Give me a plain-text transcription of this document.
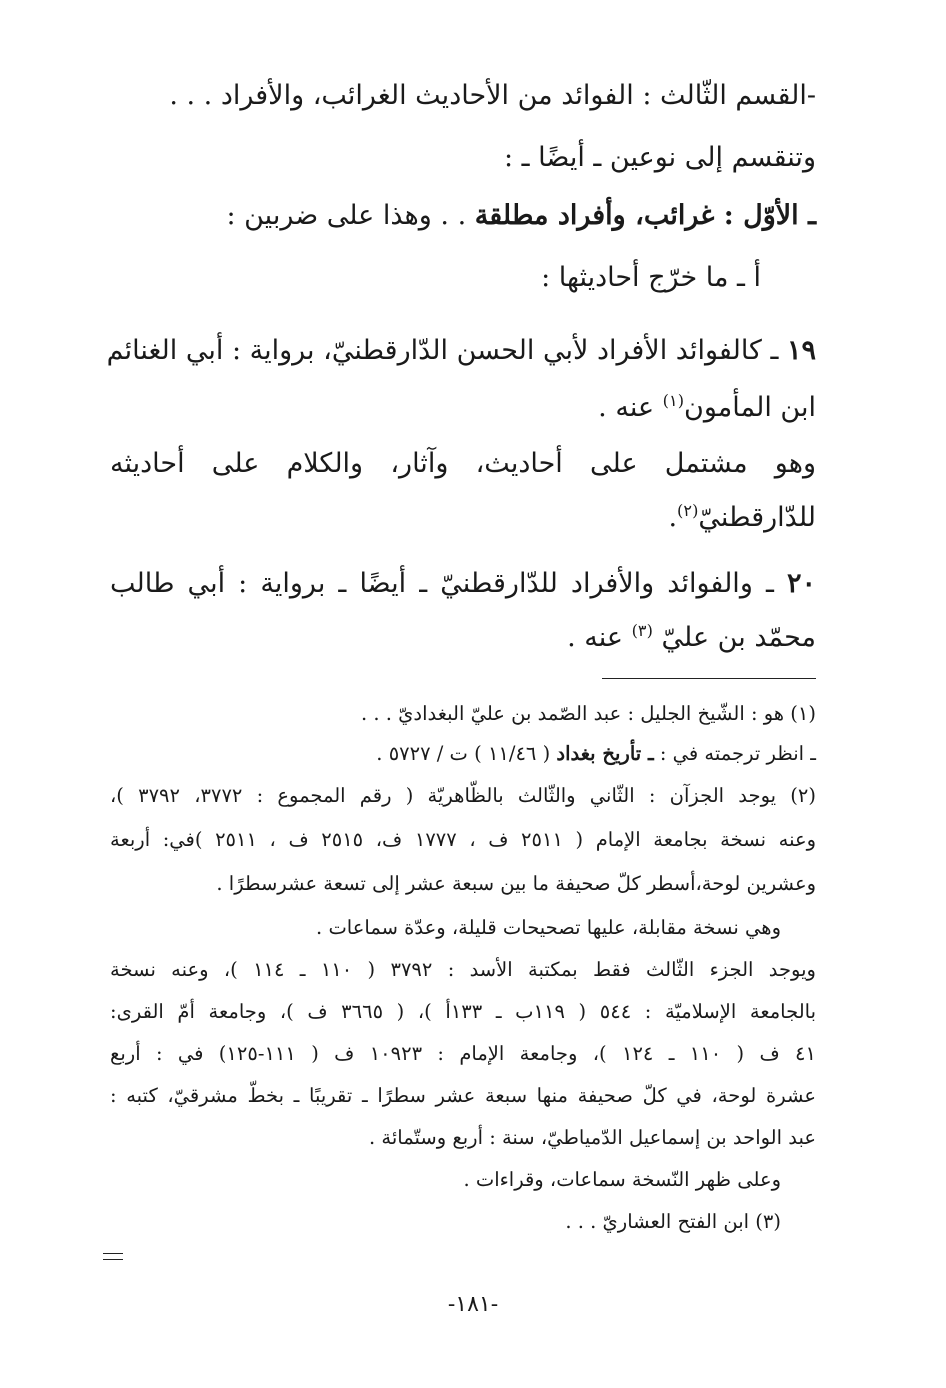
-القسم الثّالث : الفوائد من الأحاديث الغرائب، والأفراد . . .
وتنقسم إلى نوعين ـ أيضًا ـ :
ـ الأوّل : غرائب، وأفراد مطلقة . . وهذا على ضربين :
أ ـ ما خرّج أحاديثها :
١٩ ـ كالفوائد الأفراد لأبي الحسن الدّارقطنيّ، برواية : أبي الغنائم
ابن المأمون$^{(١)}$ عنه .
وهو مشتمل على أحاديث، وآثار، والكلام على أحاديثه
للدّارقطنيّ$^{(٢)}$.
٢٠ ـ والفوائد والأفراد للدّارقطنيّ ـ أيضًا ـ برواية : أبي طالب
محمّد بن عليّ $^{(٣)}$ عنه .
(١) هو : الشّيخ الجليل : عبد الصّمد بن عليّ البغداديّ . . .
ـ انظر ترجمته في : ـ تأريخ بغداد ( ١١/٤٦ ) ت / ٥٧٢٧ .
(٢) يوجد الجزآن : الثّاني والثّالث بالظّاهريّة ( رقم المجموع : ٣٧٧٢، ٣٧٩٢ )،
وعنه نسخة بجامعة الإمام ( ٢٥١١ ف ، ١٧٧٧ ف، ٢٥١٥ ف ، ٢٥١١ )في: أربعة
وعشرين لوحة،أسطر كلّ صحيفة ما بين سبعة عشر إلى تسعة عشرسطرًا .
وهي نسخة مقابلة، عليها تصحيحات قليلة، وعدّة سماعات .
ويوجد الجزء الثّالث فقط بمكتبة الأسد : ٣٧٩٢ ( ١١٠ ـ ١١٤ )، وعنه نسخة
بالجامعة الإسلاميّة : ٥٤٤ ( ١١٩ب ـ ١٣٣أ )، ( ٣٦٦٥ ف )، وجامعة أمّ القرى:
٤١ ف ( ١١٠ ـ ١٢٤ )، وجامعة الإمام : ١٠٩٢٣ ف ( ١١١-١٢٥) في : أربع
عشرة لوحة، في كلّ صحيفة منها سبعة عشر سطرًا ـ تقريبًا ـ بخطّ مشرقيّ، كتبه :
عبد الواحد بن إسماعيل الدّمياطيّ، سنة : أربع وستّمائة .
وعلى ظهر النّسخة سماعات، وقراءات .
(٣) ابن الفتح العشاريّ . . .
-١٨١-
